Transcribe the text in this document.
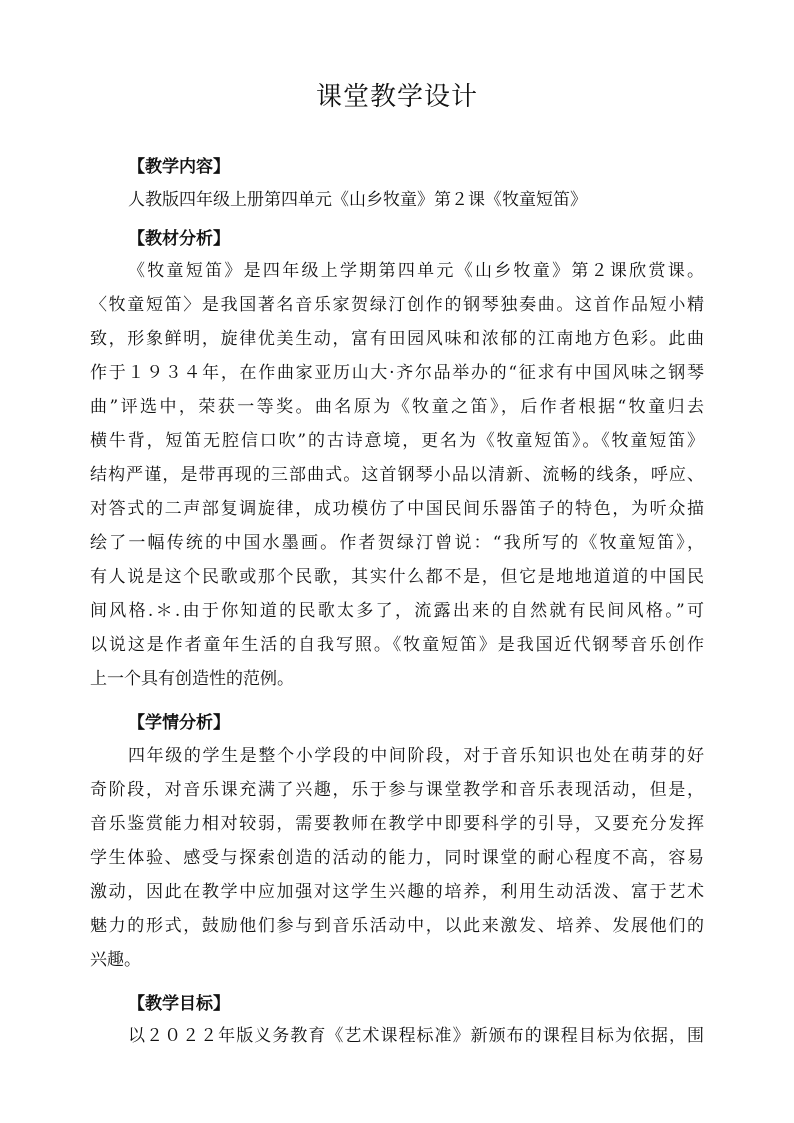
课堂教学设计
【教学内容】
人教版四年级上册第四单元《山乡牧童》第２课《牧童短笛》
【教材分析】
《牧童短笛》是四年级上学期第四单元《山乡牧童》第２课欣赏课。
〈牧童短笛〉是我国著名音乐家贺绿汀创作的钢琴独奏曲。这首作品短小精
致，形象鲜明，旋律优美生动，富有田园风味和浓郁的江南地方色彩。此曲
作于１９３４年，在作曲家亚历山大·齐尔品举办的“征求有中国风味之钢琴
曲”评选中，荣获一等奖。曲名原为《牧童之笛》，后作者根据“牧童归去
横牛背，短笛无腔信口吹”的古诗意境，更名为《牧童短笛》。《牧童短笛》
结构严谨，是带再现的三部曲式。这首钢琴小品以清新、流畅的线条，呼应、
对答式的二声部复调旋律，成功模仿了中国民间乐器笛子的特色，为听众描
绘了一幅传统的中国水墨画。作者贺绿汀曾说：“我所写的《牧童短笛》，
有人说是这个民歌或那个民歌，其实什么都不是，但它是地地道道的中国民
间风格.＊.由于你知道的民歌太多了，流露出来的自然就有民间风格。”可
以说这是作者童年生活的自我写照。《牧童短笛》是我国近代钢琴音乐创作
上一个具有创造性的范例。
【学情分析】
四年级的学生是整个小学段的中间阶段，对于音乐知识也处在萌芽的好
奇阶段，对音乐课充满了兴趣，乐于参与课堂教学和音乐表现活动，但是，
音乐鉴赏能力相对较弱，需要教师在教学中即要科学的引导，又要充分发挥
学生体验、感受与探索创造的活动的能力，同时课堂的耐心程度不高，容易
激动，因此在教学中应加强对这学生兴趣的培养，利用生动活泼、富于艺术
魅力的形式，鼓励他们参与到音乐活动中，以此来激发、培养、发展他们的
兴趣。
【教学目标】
以２０２２年版义务教育《艺术课程标准》新颁布的课程目标为依据，围
